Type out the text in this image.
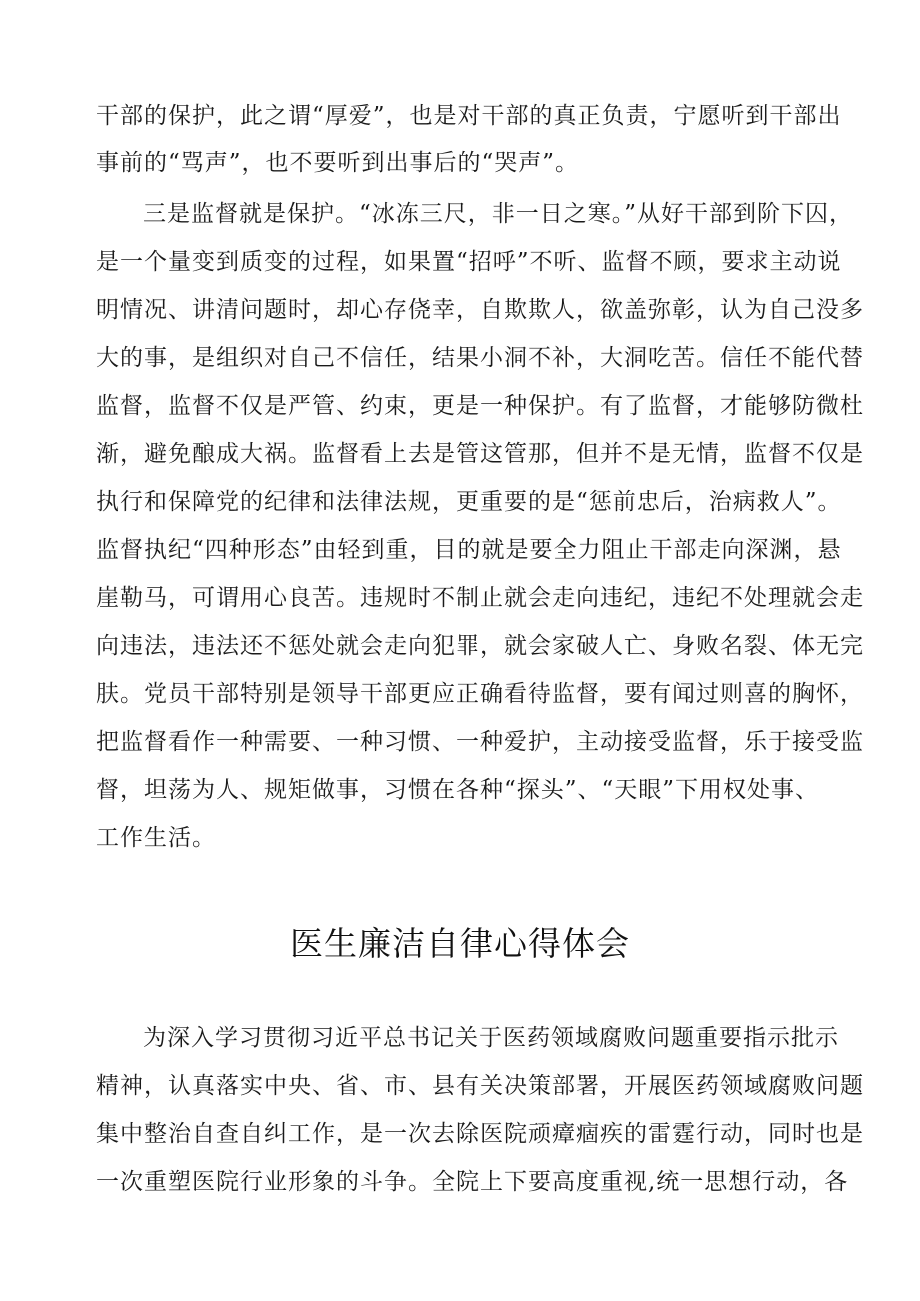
干部的保护，此之谓“厚爱”，也是对干部的真正负责，宁愿听到干部出
事前的“骂声”，也不要听到出事后的“哭声”。
三是监督就是保护。“冰冻三尺，非一日之寒。”从好干部到阶下囚，
是一个量变到质变的过程，如果置“招呼”不听、监督不顾，要求主动说
明情况、讲清问题时，却心存侥幸，自欺欺人，欲盖弥彰，认为自己没多
大的事，是组织对自己不信任，结果小洞不补，大洞吃苦。信任不能代替
监督，监督不仅是严管、约束，更是一种保护。有了监督，才能够防微杜
渐，避免酿成大祸。监督看上去是管这管那，但并不是无情，监督不仅是
执行和保障党的纪律和法律法规，更重要的是“惩前忠后，治病救人”。
监督执纪“四种形态”由轻到重，目的就是要全力阻止干部走向深渊，悬
崖勒马，可谓用心良苦。违规时不制止就会走向违纪，违纪不处理就会走
向违法，违法还不惩处就会走向犯罪，就会家破人亡、身败名裂、体无完
肤。党员干部特别是领导干部更应正确看待监督，要有闻过则喜的胸怀，
把监督看作一种需要、一种习惯、一种爱护，主动接受监督，乐于接受监
督，坦荡为人、规矩做事，习惯在各种“探头”、“天眼”下用权处事、
工作生活。
医生廉洁自律心得体会
为深入学习贯彻习近平总书记关于医药领域腐败问题重要指示批示
精神，认真落实中央、省、市、县有关决策部署，开展医药领域腐败问题
集中整治自查自纠工作，是一次去除医院顽瘴痼疾的雷霆行动，同时也是
一次重塑医院行业形象的斗争。全院上下要高度重视,统一思想行动，各
